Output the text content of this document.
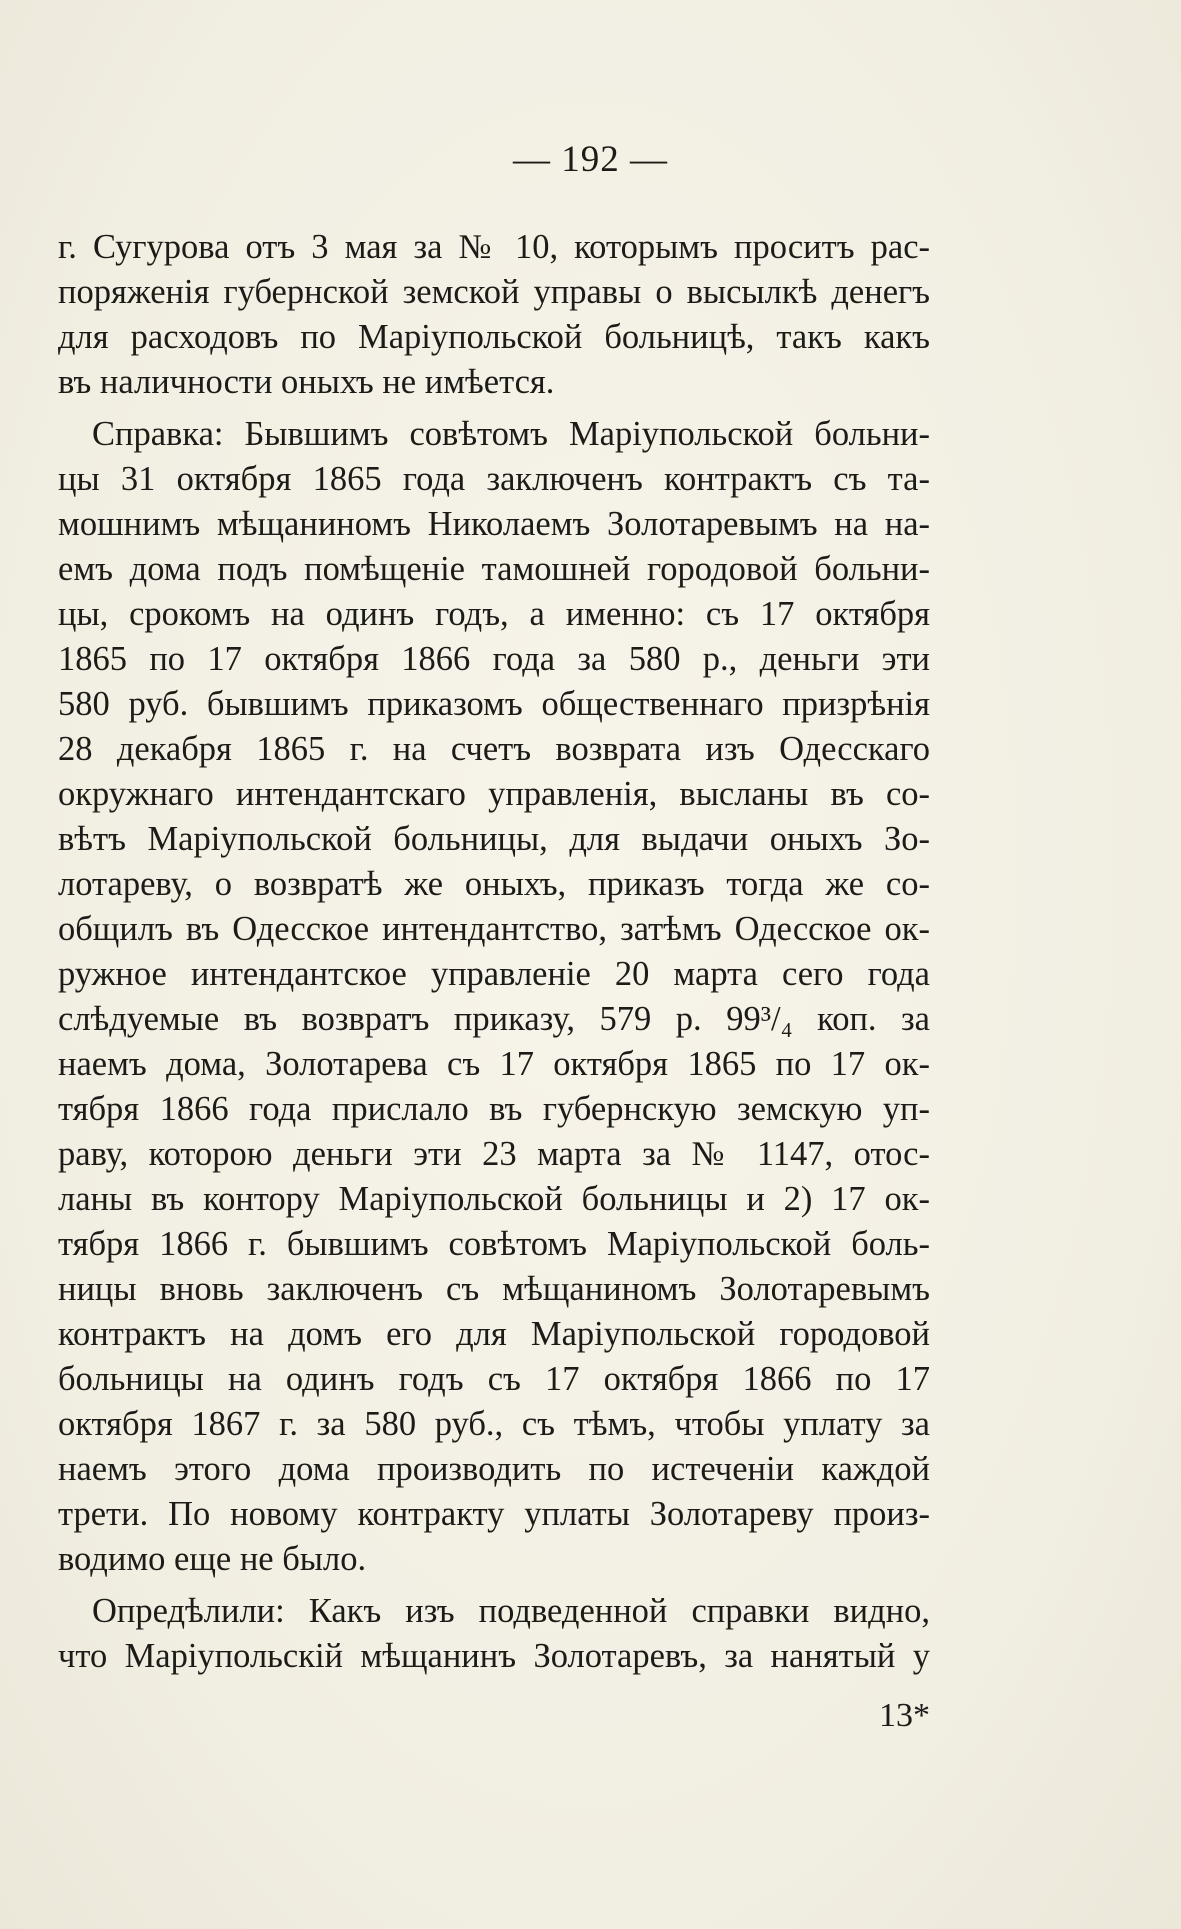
— 192 —
г. Сугурова отъ 3 мая за № 10, которымъ проситъ рас-
поряженія губернской земской управы о высылкѣ денегъ
для расходовъ по Маріупольской больницѣ, такъ какъ
въ наличности оныхъ не имѣется.
Справка: Бывшимъ совѣтомъ Маріупольской больни-
цы 31 октября 1865 года заключенъ контрактъ съ та-
мошнимъ мѣщаниномъ Николаемъ Золотаревымъ на на-
емъ дома подъ помѣщеніе тамошней городовой больни-
цы, срокомъ на одинъ годъ, а именно: съ 17 октября
1865 по 17 октября 1866 года за 580 р., деньги эти
580 руб. бывшимъ приказомъ общественнаго призрѣнія
28 декабря 1865 г. на счетъ возврата изъ Одесскаго
окружнаго интендантскаго управленія, высланы въ со-
вѣтъ Маріупольской больницы, для выдачи оныхъ Зо-
лотареву, о возвратѣ же оныхъ, приказъ тогда же со-
общилъ въ Одесское интендантство, затѣмъ Одесское ок-
ружное интендантское управленіе 20 марта сего года
слѣдуемые въ возвратъ приказу, 579 р. 99³/₄ коп. за
наемъ дома, Золотарева съ 17 октября 1865 по 17 ок-
тября 1866 года прислало въ губернскую земскую уп-
раву, которою деньги эти 23 марта за № 1147, отос-
ланы въ контору Маріупольской больницы и 2) 17 ок-
тября 1866 г. бывшимъ совѣтомъ Маріупольской боль-
ницы вновь заключенъ съ мѣщаниномъ Золотаревымъ
контрактъ на домъ его для Маріупольской городовой
больницы на одинъ годъ съ 17 октября 1866 по 17
октября 1867 г. за 580 руб., съ тѣмъ, чтобы уплату за
наемъ этого дома производить по истеченіи каждой
трети. По новому контракту уплаты Золотареву произ-
водимо еще не было.
Опредѣлили: Какъ изъ подведенной справки видно,
что Маріупольскій мѣщанинъ Золотаревъ, за нанятый у
13*
